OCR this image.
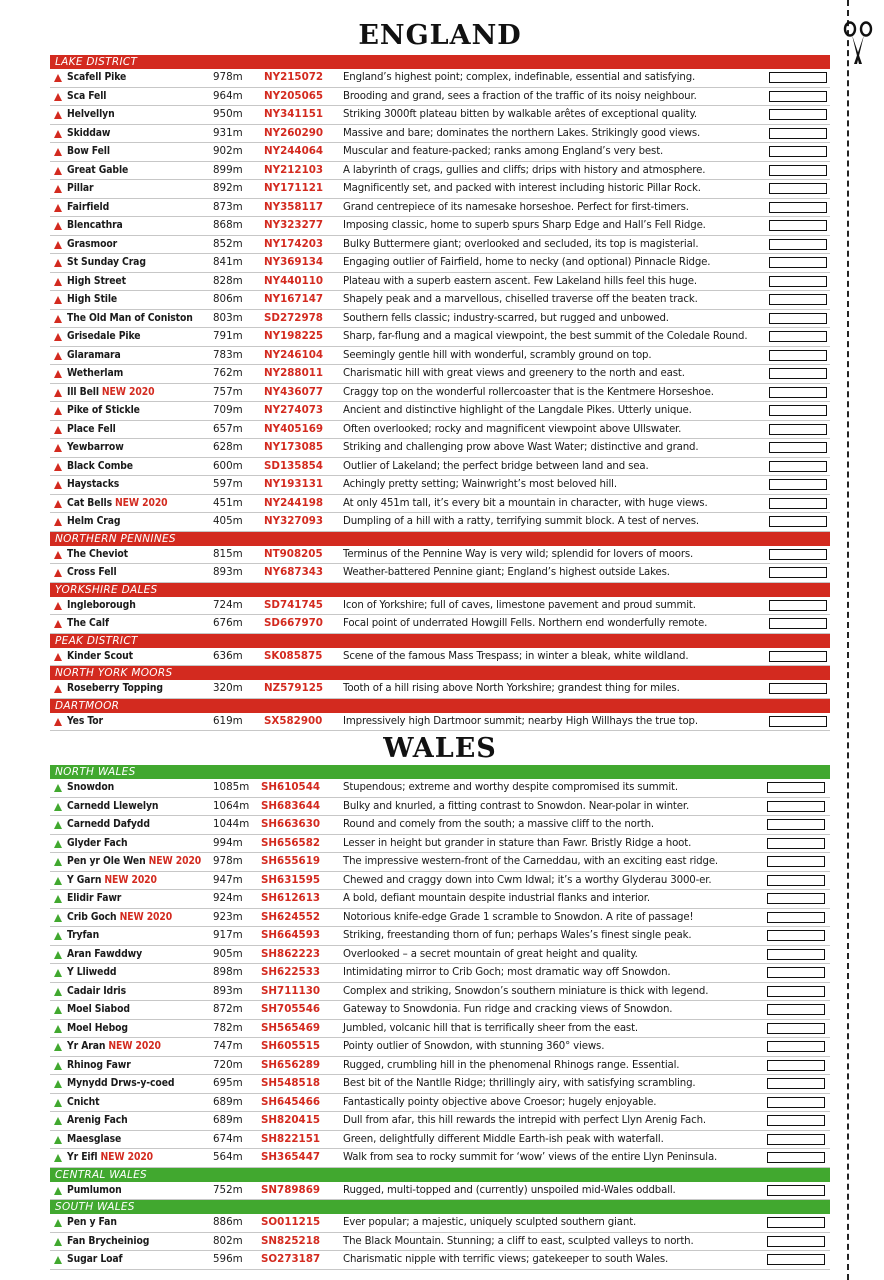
ENGLAND
LAKE DISTRICT
Scafell Pike	978m NY215072 England’s highest point; complex, indefinable, essential and satisfying.
Sca Fell	964m NY205065 Brooding and grand, sees a fraction of the traffic of its noisy neighbour.
Helvellyn	950m NY341151 Striking 3000ft plateau bitten by walkable arêtes of exceptional quality.
Skiddaw	931m NY260290 Massive and bare; dominates the northern Lakes. Strikingly good views.
Bow Fell	902m NY244064 Muscular and feature-packed; ranks among England’s very best.
Great Gable	899m NY212103 A labyrinth of crags, gullies and cliffs; drips with history and atmosphere.
Pillar	892m NY171121 Magnificently set, and packed with interest including historic Pillar Rock.
Fairfield	873m NY358117 Grand centrepiece of its namesake horseshoe. Perfect for first-timers.
Blencathra	868m NY323277 Imposing classic, home to superb spurs Sharp Edge and Hall’s Fell Ridge.
Grasmoor	852m NY174203 Bulky Buttermere giant; overlooked and secluded, its top is magisterial.
St Sunday Crag	841m NY369134 Engaging outlier of Fairfield, home to necky (and optional) Pinnacle Ridge.
High Street	828m NY440110 Plateau with a superb eastern ascent. Few Lakeland hills feel this huge.
High Stile	806m NY167147 Shapely peak and a marvellous, chiselled traverse off the beaten track.
The Old Man of Coniston 803m SD272978 Southern fells classic; industry-scarred, but rugged and unbowed.
Grisedale Pike	791m NY198225 Sharp, far-flung and a magical viewpoint, the best summit of the Coledale Round.
Glaramara	783m NY246104 Seemingly gentle hill with wonderful, scrambly ground on top.
Wetherlam	762m NY288011 Charismatic hill with great views and greenery to the north and east.
Ill Bell NEW 2020	757m NY436077 Craggy top on the wonderful rollercoaster that is the Kentmere Horseshoe.
Pike of Stickle	709m NY274073 Ancient and distinctive highlight of the Langdale Pikes. Utterly unique.
Place Fell	657m NY405169 Often overlooked; rocky and magnificent viewpoint above Ullswater.
Yewbarrow	628m NY173085 Striking and challenging prow above Wast Water; distinctive and grand.
Black Combe	600m SD135854 Outlier of Lakeland; the perfect bridge between land and sea.
Haystacks	597m NY193131 Achingly pretty setting; Wainwright’s most beloved hill.
Cat Bells NEW 2020	451m NY244198 At only 451m tall, it’s every bit a mountain in character, with huge views.
Helm Crag	405m NY327093 Dumpling of a hill with a ratty, terrifying summit block. A test of nerves.
NORTHERN PENNINES
The Cheviot	815m NT908205 Terminus of the Pennine Way is very wild; splendid for lovers of moors.
Cross Fell	893m NY687343 Weather-battered Pennine giant; England’s highest outside Lakes.
YORKSHIRE DALES
Ingleborough	724m SD741745 Icon of Yorkshire; full of caves, limestone pavement and proud summit.
The Calf	676m SD667970 Focal point of underrated Howgill Fells. Northern end wonderfully remote.
PEAK DISTRICT
Kinder Scout	636m SK085875 Scene of the famous Mass Trespass; in winter a bleak, white wildland.
NORTH YORK MOORS
Roseberry Topping	320m NZ579125 Tooth of a hill rising above North Yorkshire; grandest thing for miles.
DARTMOOR
Yes Tor	619m SX582900 Impressively high Dartmoor summit; nearby High Willhays the true top.
WALES
NORTH WALES
Snowdon	1085m SH610544 Stupendous; extreme and worthy despite compromised its summit.
Carnedd Llewelyn	1064m SH683644 Bulky and knurled, a fitting contrast to Snowdon. Near-polar in winter.
Carnedd Dafydd	1044m SH663630 Round and comely from the south; a massive cliff to the north.
Glyder Fach	994m SH656582 Lesser in height but grander in stature than Fawr. Bristly Ridge a hoot.
Pen yr Ole Wen NEW 2020 978m SH655619 The impressive western-front of the Carneddau, with an exciting east ridge.
Y Garn NEW 2020	947m SH631595 Chewed and craggy down into Cwm Idwal; it’s a worthy Glyderau 3000-er.
Elidir Fawr	924m SH612613 A bold, defiant mountain despite industrial flanks and interior.
Crib Goch NEW 2020	923m SH624552 Notorious knife-edge Grade 1 scramble to Snowdon. A rite of passage!
Tryfan	917m SH664593 Striking, freestanding thorn of fun; perhaps Wales’s finest single peak.
Aran Fawddwy	905m SH862223 Overlooked – a secret mountain of great height and quality.
Y Lliwedd	898m SH622533 Intimidating mirror to Crib Goch; most dramatic way off Snowdon.
Cadair Idris	893m SH711130 Complex and striking, Snowdon’s southern miniature is thick with legend.
Moel Siabod	872m SH705546 Gateway to Snowdonia. Fun ridge and cracking views of Snowdon.
Moel Hebog	782m SH565469 Jumbled, volcanic hill that is terrifically sheer from the east.
Yr Aran NEW 2020	747m SH605515 Pointy outlier of Snowdon, with stunning 360° views.
Rhinog Fawr	720m SH656289 Rugged, crumbling hill in the phenomenal Rhinogs range. Essential.
Mynydd Drws-y-coed	695m SH548518 Best bit of the Nantlle Ridge; thrillingly airy, with satisfying scrambling.
Cnicht	689m SH645466 Fantastically pointy objective above Croesor; hugely enjoyable.
Arenig Fach	689m SH820415 Dull from afar, this hill rewards the intrepid with perfect Llyn Arenig Fach.
Maesglase	674m SH822151 Green, delightfully different Middle Earth-ish peak with waterfall.
Yr Eifl NEW 2020	564m SH365447 Walk from sea to rocky summit for ‘wow’ views of the entire Llyn Peninsula.
CENTRAL WALES
Pumlumon	752m SN789869 Rugged, multi-topped and (currently) unspoiled mid-Wales oddball.
SOUTH WALES
Pen y Fan	886m SO011215 Ever popular; a majestic, uniquely sculpted southern giant.
Fan Brycheiniog	802m SN825218 The Black Mountain. Stunning; a cliff to east, sculpted valleys to north.
Sugar Loaf	596m SO273187 Charismatic nipple with terrific views; gatekeeper to south Wales.
